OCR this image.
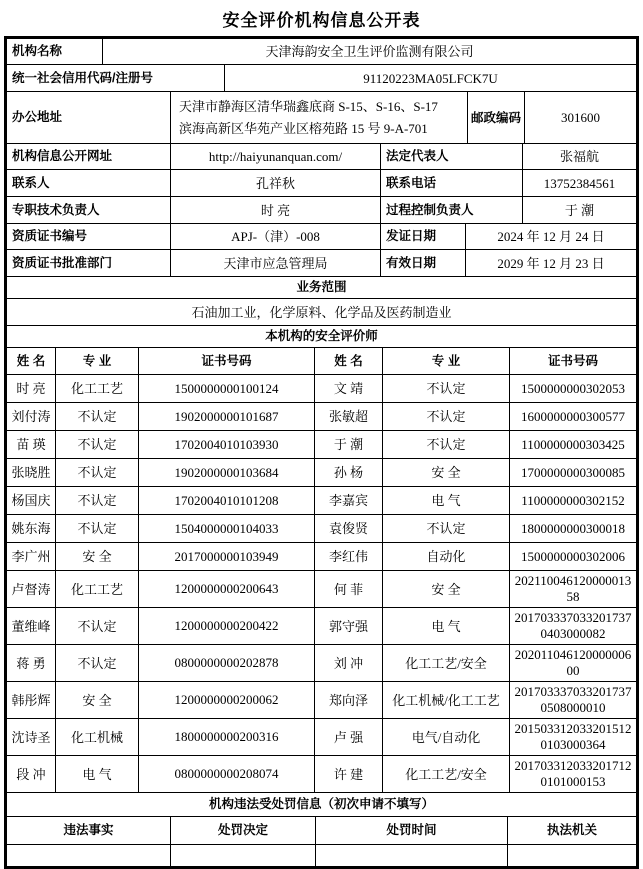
安全评价机构信息公开表
机构名称	天津海韵安全卫生评价监测有限公司
统一社会信用代码/注册号	91120223MA05LFCK7U
办公地址	
天津市静海区清华瑞鑫底商 S-15、S-16、S-17
滨海高新区华苑产业区榕苑路 15 号 9-A-701
	邮政编码	301600
机构信息公开网址	http://haiyunanquan.com/	法定代表人	张福航
联系人	孔祥秋	联系电话	13752384561
专职技术负责人	时 亮	过程控制负责人	于 潮
资质证书编号	APJ-（津）-008	发证日期	2024 年 12 月 24 日
资质证书批准部门	天津市应急管理局	有效日期	2029 年 12 月 23 日
业务范围
石油加工业，化学原料、化学品及医药制造业
本机构的安全评价师
姓 名	专 业	证书号码	姓 名	专 业	证书号码
时 亮	化工工艺	1500000000100124	文 靖	不认定	1500000000302053
刘付涛	不认定	1902000000101687	张敏超	不认定	1600000000300577
苗 瑛	不认定	1702004010103930	于 潮	不认定	1100000000303425
张晓胜	不认定	1902000000103684	孙 杨	安 全	1700000000300085
杨国庆	不认定	1702004010101208	李嘉宾	电 气	1100000000302152
姚东海	不认定	1504000000104033	袁俊贤	不认定	1800000000300018
李广州	安 全	2017000000103949	李红伟	自动化	1500000000302006
卢督涛	化工工艺	1200000000200643	何 菲	安 全	20211004612000001358
董维峰	不认定	1200000000200422	郭守强	电 气	2017033370332017370403000082
蒋 勇	不认定	0800000000202878	刘 冲	化工工艺/安全	20201104612000000600
韩彤辉	安 全	1200000000200062	郑向泽	化工机械/化工工艺	2017033370332017370508000010
沈诗圣	化工机械	1800000000200316	卢 强	电气/自动化	2015033120332015120103000364
段 冲	电 气	0800000000208074	许 建	化工工艺/安全	2017033120332017120101000153
机构违法受处罚信息（初次申请不填写）
违法事实	处罚决定	处罚时间	执法机关
